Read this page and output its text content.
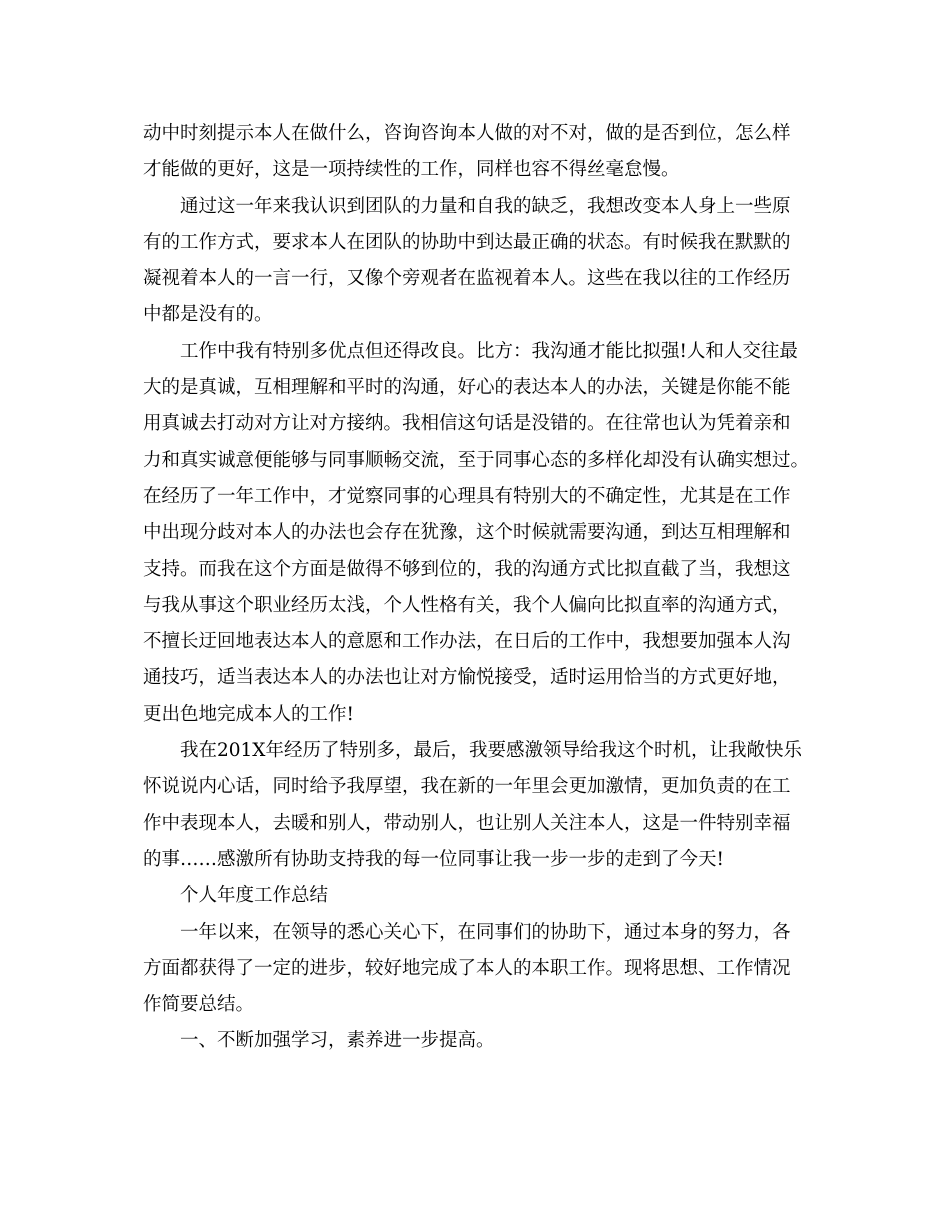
动中时刻提示本人在做什么，咨询咨询本人做的对不对，做的是否到位，怎么样
才能做的更好，这是一项持续性的工作，同样也容不得丝毫怠慢。
通过这一年来我认识到团队的力量和自我的缺乏，我想改变本人身上一些原
有的工作方式，要求本人在团队的协助中到达最正确的状态。有时候我在默默的
凝视着本人的一言一行，又像个旁观者在监视着本人。这些在我以往的工作经历
中都是没有的。
工作中我有特别多优点但还得改良。比方：我沟通才能比拟强!人和人交往最
大的是真诚，互相理解和平时的沟通，好心的表达本人的办法，关键是你能不能
用真诚去打动对方让对方接纳。我相信这句话是没错的。在往常也认为凭着亲和
力和真实诚意便能够与同事顺畅交流，至于同事心态的多样化却没有认确实想过。
在经历了一年工作中，才觉察同事的心理具有特别大的不确定性，尤其是在工作
中出现分歧对本人的办法也会存在犹豫，这个时候就需要沟通，到达互相理解和
支持。而我在这个方面是做得不够到位的，我的沟通方式比拟直截了当，我想这
与我从事这个职业经历太浅，个人性格有关，我个人偏向比拟直率的沟通方式，
不擅长迂回地表达本人的意愿和工作办法，在日后的工作中，我想要加强本人沟
通技巧，适当表达本人的办法也让对方愉悦接受，适时运用恰当的方式更好地，
更出色地完成本人的工作!
我在201X年经历了特别多，最后，我要感激领导给我这个时机，让我敞快乐
怀说说内心话，同时给予我厚望，我在新的一年里会更加激情，更加负责的在工
作中表现本人，去暖和别人，带动别人，也让别人关注本人，这是一件特别幸福
的事……感激所有协助支持我的每一位同事让我一步一步的走到了今天!
个人年度工作总结
一年以来，在领导的悉心关心下，在同事们的协助下，通过本身的努力，各
方面都获得了一定的进步，较好地完成了本人的本职工作。现将思想、工作情况
作简要总结。
一、不断加强学习，素养进一步提高。
